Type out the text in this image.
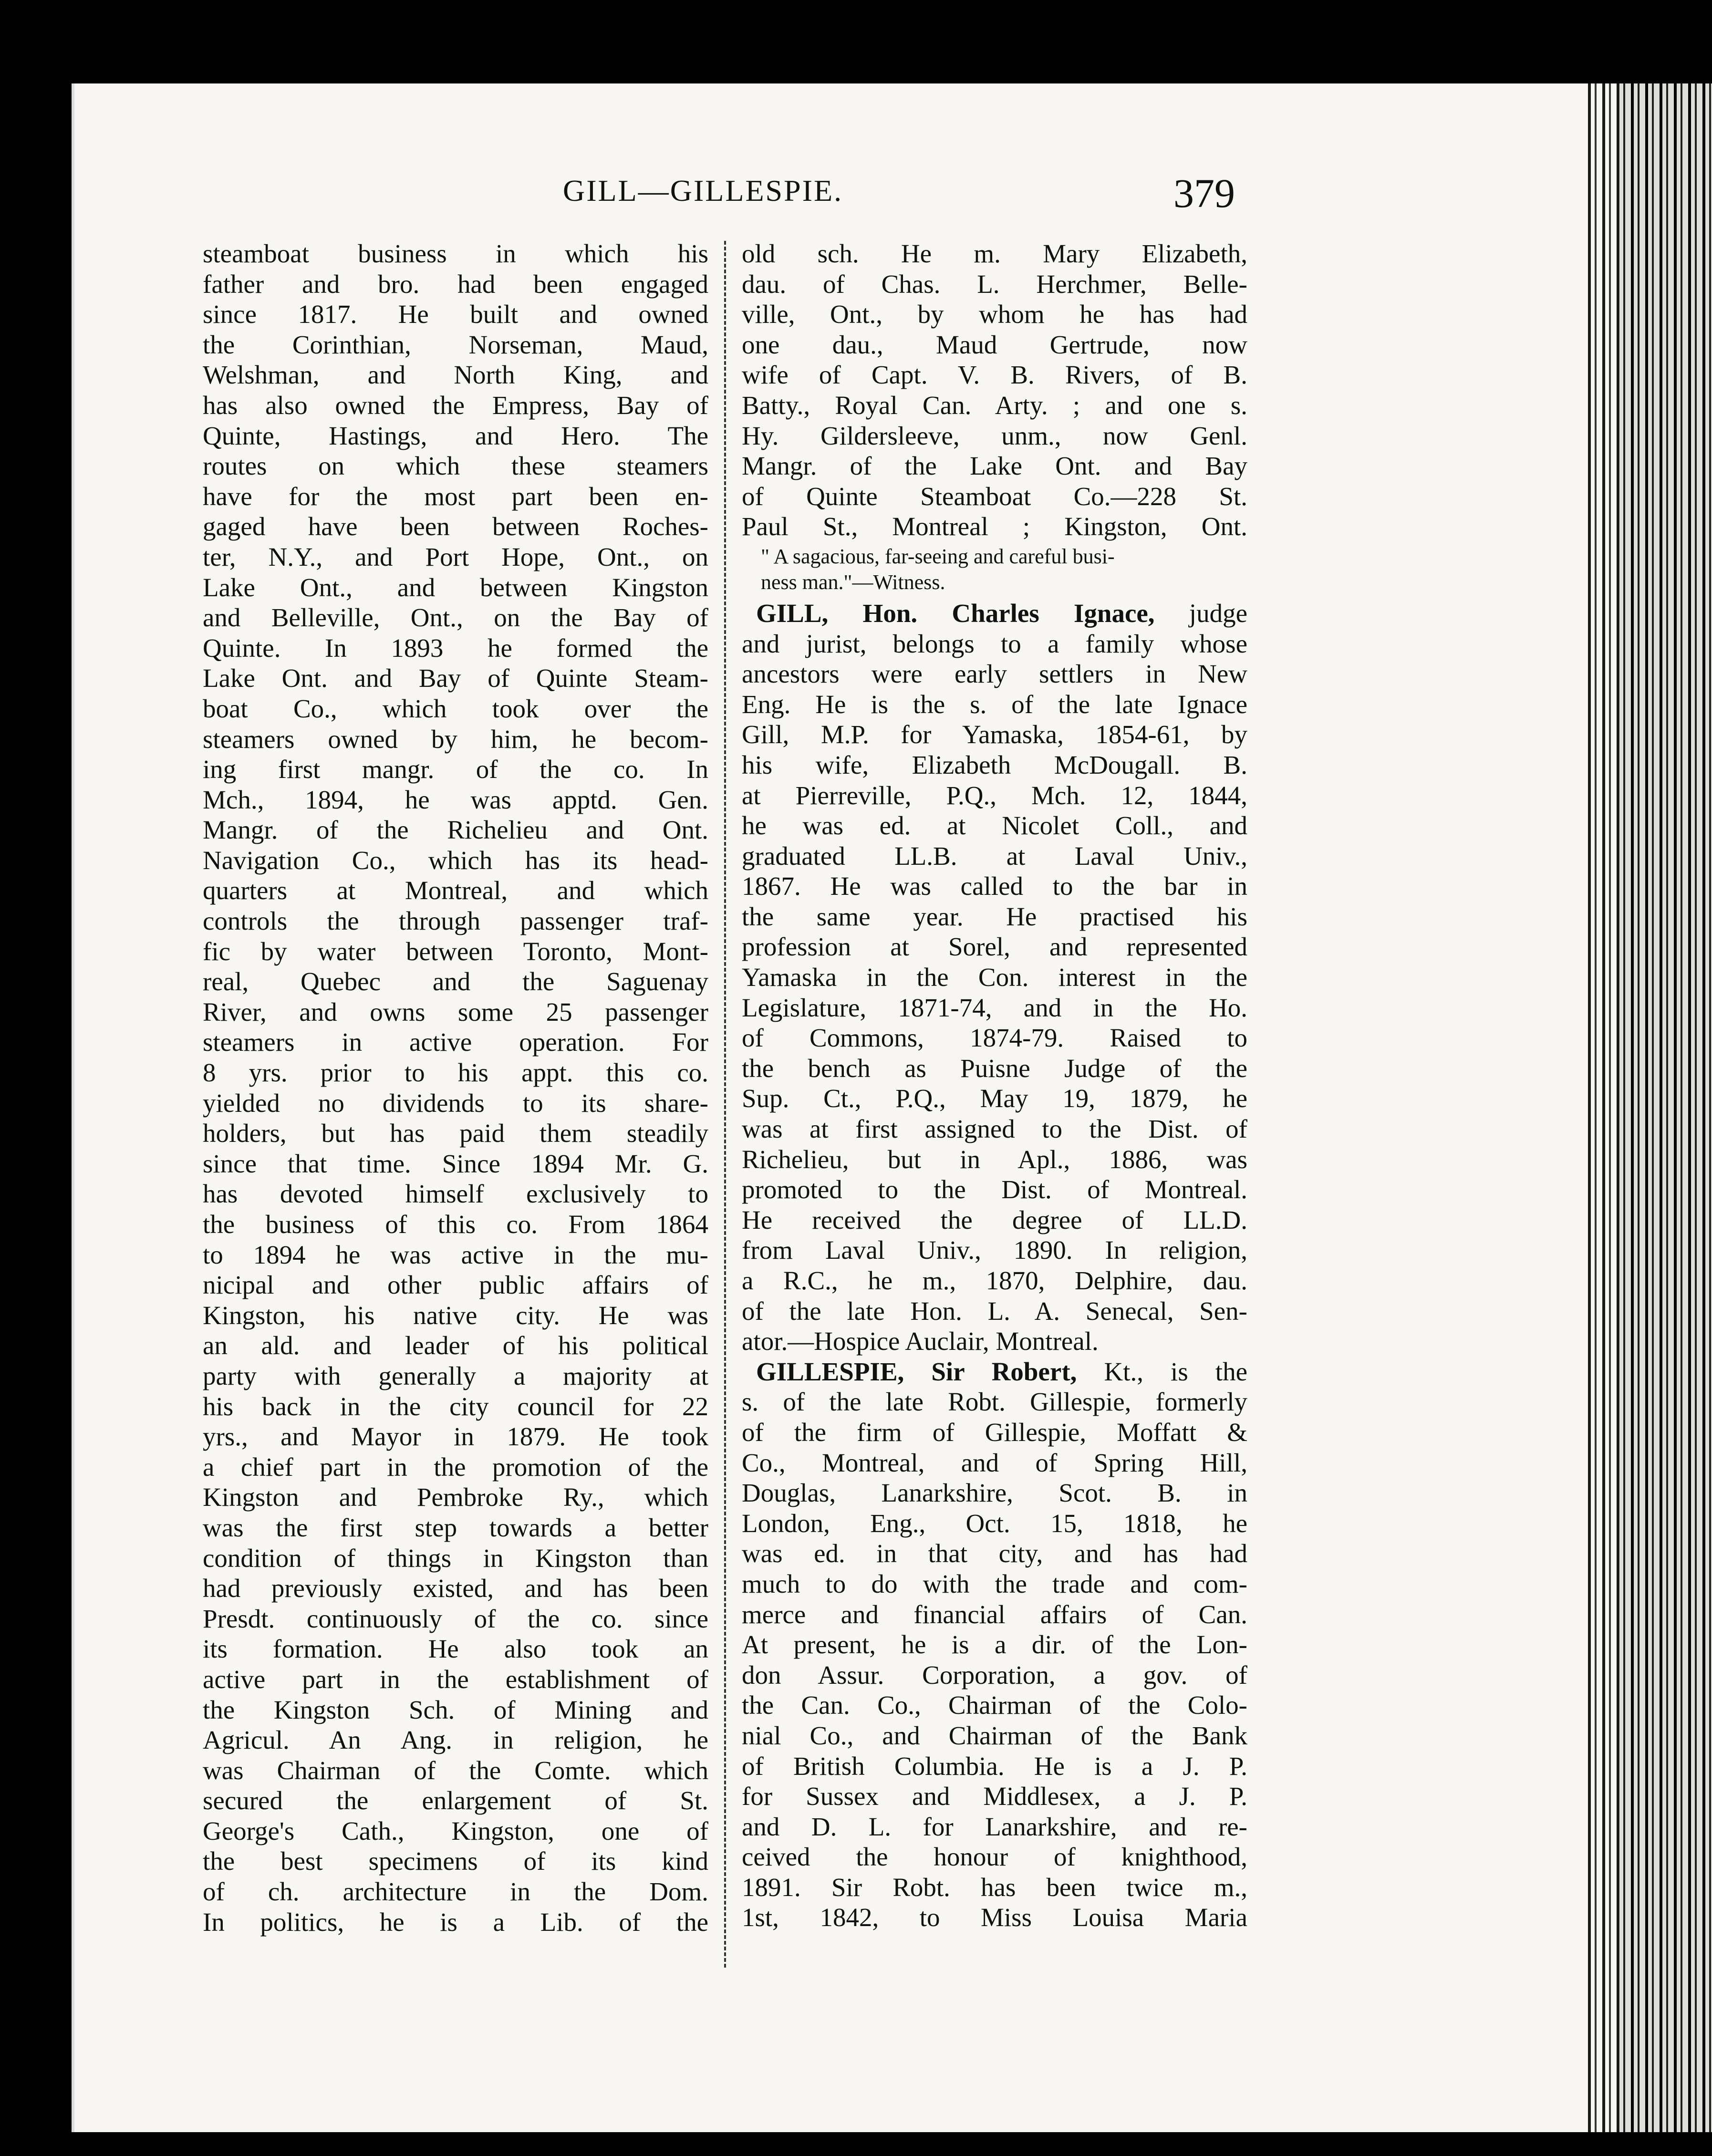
GILL—GILLESPIE.	379
steamboat business in which his
father and bro. had been engaged
since 1817. He built and owned
the Corinthian, Norseman, Maud,
Welshman, and North King, and
has also owned the Empress, Bay of
Quinte, Hastings, and Hero. The
routes on which these steamers
have for the most part been en-
gaged have been between Roches-
ter, N.Y., and Port Hope, Ont., on
Lake Ont., and between Kingston
and Belleville, Ont., on the Bay of
Quinte. In 1893 he formed the
Lake Ont. and Bay of Quinte Steam-
boat Co., which took over the
steamers owned by him, he becom-
ing first mangr. of the co. In
Mch., 1894, he was apptd. Gen.
Mangr. of the Richelieu and Ont.
Navigation Co., which has its head-
quarters at Montreal, and which
controls the through passenger traf-
fic by water between Toronto, Mont-
real, Quebec and the Saguenay
River, and owns some 25 passenger
steamers in active operation. For
8 yrs. prior to his appt. this co.
yielded no dividends to its share-
holders, but has paid them steadily
since that time. Since 1894 Mr. G.
has devoted himself exclusively to
the business of this co. From 1864
to 1894 he was active in the mu-
nicipal and other public affairs of
Kingston, his native city. He was
an ald. and leader of his political
party with generally a majority at
his back in the city council for 22
yrs., and Mayor in 1879. He took
a chief part in the promotion of the
Kingston and Pembroke Ry., which
was the first step towards a better
condition of things in Kingston than
had previously existed, and has been
Presdt. continuously of the co. since
its formation. He also took an
active part in the establishment of
the Kingston Sch. of Mining and
Agricul. An Ang. in religion, he
was Chairman of the Comte. which
secured the enlargement of St.
George's Cath., Kingston, one of
the best specimens of its kind
of ch. architecture in the Dom.
In politics, he is a Lib. of the
old sch. He m. Mary Elizabeth,
dau. of Chas. L. Herchmer, Belle-
ville, Ont., by whom he has had
one dau., Maud Gertrude, now
wife of Capt. V. B. Rivers, of B.
Batty., Royal Can. Arty. ; and one s.
Hy. Gildersleeve, unm., now Genl.
Mangr. of the Lake Ont. and Bay
of Quinte Steamboat Co.—228 St.
Paul St., Montreal ; Kingston, Ont.
" A sagacious, far-seeing and careful busi-
ness man."—Witness.
GILL, Hon. Charles Ignace, judge
and jurist, belongs to a family whose
ancestors were early settlers in New
Eng. He is the s. of the late Ignace
Gill, M.P. for Yamaska, 1854-61, by
his wife, Elizabeth McDougall. B.
at Pierreville, P.Q., Mch. 12, 1844,
he was ed. at Nicolet Coll., and
graduated LL.B. at Laval Univ.,
1867. He was called to the bar in
the same year. He practised his
profession at Sorel, and represented
Yamaska in the Con. interest in the
Legislature, 1871-74, and in the Ho.
of Commons, 1874-79. Raised to
the bench as Puisne Judge of the
Sup. Ct., P.Q., May 19, 1879, he
was at first assigned to the Dist. of
Richelieu, but in Apl., 1886, was
promoted to the Dist. of Montreal.
He received the degree of LL.D.
from Laval Univ., 1890. In religion,
a R.C., he m., 1870, Delphire, dau.
of the late Hon. L. A. Senecal, Sen-
ator.—Hospice Auclair, Montreal.
GILLESPIE, Sir Robert, Kt., is the
s. of the late Robt. Gillespie, formerly
of the firm of Gillespie, Moffatt &
Co., Montreal, and of Spring Hill,
Douglas, Lanarkshire, Scot. B. in
London, Eng., Oct. 15, 1818, he
was ed. in that city, and has had
much to do with the trade and com-
merce and financial affairs of Can.
At present, he is a dir. of the Lon-
don Assur. Corporation, a gov. of
the Can. Co., Chairman of the Colo-
nial Co., and Chairman of the Bank
of British Columbia. He is a J. P.
for Sussex and Middlesex, a J. P.
and D. L. for Lanarkshire, and re-
ceived the honour of knighthood,
1891. Sir Robt. has been twice m.,
1st, 1842, to Miss Louisa Maria
